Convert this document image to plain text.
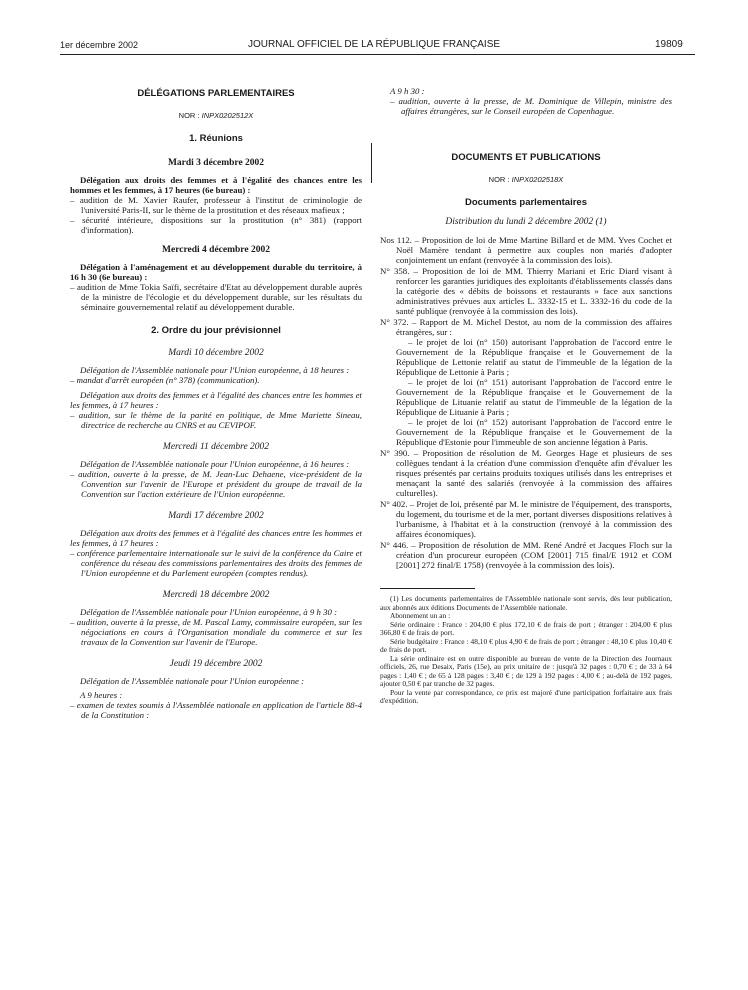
1er décembre 2002	JOURNAL OFFICIEL DE LA RÉPUBLIQUE FRANÇAISE	19809

DÉLÉGATIONS PARLEMENTAIRES

NOR : INPX0202512X

1. Réunions

Mardi 3 décembre 2002

Délégation aux droits des femmes et à l'égalité des chances entre les hommes et les femmes, à 17 heures (6e bureau) :

– audition de M. Xavier Raufer, professeur à l'institut de criminologie de l'université Paris-II, sur le thème de la prostitution et des réseaux mafieux ;

– sécurité intérieure, dispositions sur la prostitution (n° 381) (rapport d'information).

Mercredi 4 décembre 2002

Délégation à l'aménagement et au développement durable du territoire, à 16 h 30 (6e bureau) :

– audition de Mme Tokia Saïfi, secrétaire d'Etat au développement durable auprès de la ministre de l'écologie et du développement durable, sur les résultats du séminaire gouvernemental relatif au développement durable.

2. Ordre du jour prévisionnel

Mardi 10 décembre 2002

Délégation de l'Assemblée nationale pour l'Union européenne, à 18 heures :

– mandat d'arrêt européen (n° 378) (communication).

Délégation aux droits des femmes et à l'égalité des chances entre les hommes et les femmes, à 17 heures :

– audition, sur le thème de la parité en politique, de Mme Mariette Sineau, directrice de recherche au CNRS et au CEVIPOF.

Mercredi 11 décembre 2002

Délégation de l'Assemblée nationale pour l'Union européenne, à 16 heures :

– audition, ouverte à la presse, de M. Jean-Luc Dehaene, vice-président de la Convention sur l'avenir de l'Europe et président du groupe de travail de la Convention sur l'action extérieure de l'Union européenne.

Mardi 17 décembre 2002

Délégation aux droits des femmes et à l'égalité des chances entre les hommes et les femmes, à 17 heures :

– conférence parlementaire internationale sur le suivi de la conférence du Caire et conférence du réseau des commissions parlementaires des droits des femmes de l'Union européenne et du Parlement européen (comptes rendus).

Mercredi 18 décembre 2002

Délégation de l'Assemblée nationale pour l'Union européenne, à 9 h 30 :

– audition, ouverte à la presse, de M. Pascal Lamy, commissaire européen, sur les négociations en cours à l'Organisation mondiale du commerce et sur les travaux de la Convention sur l'avenir de l'Europe.

Jeudi 19 décembre 2002

Délégation de l'Assemblée nationale pour l'Union européenne :

A 9 heures :

– examen de textes soumis à l'Assemblée nationale en application de l'article 88-4 de la Constitution :

A 9 h 30 :

– audition, ouverte à la presse, de M. Dominique de Villepin, ministre des affaires étrangères, sur le Conseil européen de Copenhague.

DOCUMENTS ET PUBLICATIONS

NOR : INPX0202518X

Documents parlementaires

Distribution du lundi 2 décembre 2002 (1)

Nos 112. – Proposition de loi de Mme Martine Billard et de MM. Yves Cochet et Noël Mamère tendant à permettre aux couples non mariés d'adopter conjointement un enfant (renvoyée à la commission des lois).

N° 358. – Proposition de loi de MM. Thierry Mariani et Eric Diard visant à renforcer les garanties juridiques des exploitants d'établissements classés dans la catégorie des « débits de boissons et restaurants » face aux sanctions administratives prévues aux articles L. 3332-15 et L. 3332-16 du code de la santé publique (renvoyée à la commission des lois).

N° 372. – Rapport de M. Michel Destot, au nom de la commission des affaires étrangères, sur :

– le projet de loi (n° 150) autorisant l'approbation de l'accord entre le Gouvernement de la République française et le Gouvernement de la République de Lettonie relatif au statut de l'immeuble de la légation de la République de Lettonie à Paris ;

– le projet de loi (n° 151) autorisant l'approbation de l'accord entre le Gouvernement de la République française et le Gouvernement de la République de Lituanie relatif au statut de l'immeuble de la légation de la République de Lituanie à Paris ;

– le projet de loi (n° 152) autorisant l'approbation de l'accord entre le Gouvernement de la République française et le Gouvernement de la République d'Estonie pour l'immeuble de son ancienne légation à Paris.

N° 390. – Proposition de résolution de M. Georges Hage et plusieurs de ses collègues tendant à la création d'une commission d'enquête afin d'évaluer les risques présentés par certains produits toxiques utilisés dans les entreprises et menaçant la santé des salariés (renvoyée à la commission des affaires culturelles).

N° 402. – Projet de loi, présenté par M. le ministre de l'équipement, des transports, du logement, du tourisme et de la mer, portant diverses dispositions relatives à l'urbanisme, à l'habitat et à la construction (renvoyé à la commission des affaires économiques).

N° 446. – Proposition de résolution de MM. René André et Jacques Floch sur la création d'un procureur européen (COM [2001] 715 final/E 1912 et COM [2001] 272 final/E 1758) (renvoyée à la commission des lois).

(1) Les documents parlementaires de l'Assemblée nationale sont servis, dès leur publication, aux abonnés aux éditions Documents de l'Assemblée nationale.

Abonnement un an :

Série ordinaire : France : 204,00 € plus 172,10 € de frais de port ; étranger : 204,00 € plus 366,80 € de frais de port.

Série budgétaire : France : 48,10 € plus 4,90 € de frais de port ; étranger : 48,10 € plus 10,40 € de frais de port.

La série ordinaire est en outre disponible au bureau de vente de la Direction des Journaux officiels, 26, rue Desaix, Paris (15e), au prix unitaire de : jusqu'à 32 pages : 0,70 € ; de 33 à 64 pages : 1,40 € ; de 65 à 128 pages : 3,40 € ; de 129 à 192 pages : 4,00 € ; au-delà de 192 pages, ajouter 0,50 € par tranche de 32 pages.

Pour la vente par correspondance, ce prix est majoré d'une participation forfaitaire aux frais d'expédition.
